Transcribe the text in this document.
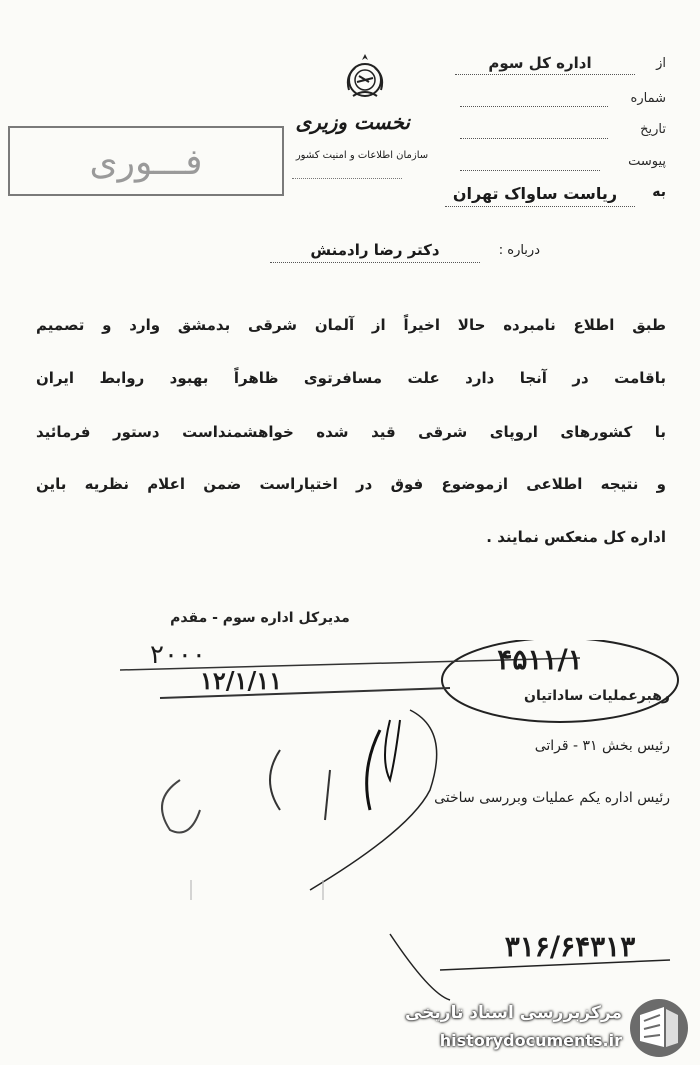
نخست وزیری
سازمان اطلاعات و امنیت کشور
از
اداره کل سوم
شماره
تاریخ
پیوست
به
ریاست ساواک تهران
فـــوری
درباره :
دکتر رضا رادمنش
طبق اطلاع نامبرده حالا اخیراً از آلمان شرقی بدمشق وارد و تصمیم
باقامت در آنجا دارد علت مسافرتوی ظاهراً بهبود روابط ایران
با کشورهای اروپای شرقی قید شده خواهشمنداست دستور فرمائید
و نتیجه اطلاعی ازموضوع فوق در اختیاراست ضمن اعلام نظریه باین
اداره کل منعکس نمایند .
مدیرکل اداره سوم - مقدم
۲۰۰۰
۱۲/۱/۱۱
۴۵۱۱/۱
رهبرعملیات ساداتیان
رئیس بخش ۳۱ - قراتی
رئیس اداره یکم عملیات وبررسی ساختی
۳۱۶/۶۴۳۱۳
مرکزبررسی اسناد تاریخی
historydocuments.ir
